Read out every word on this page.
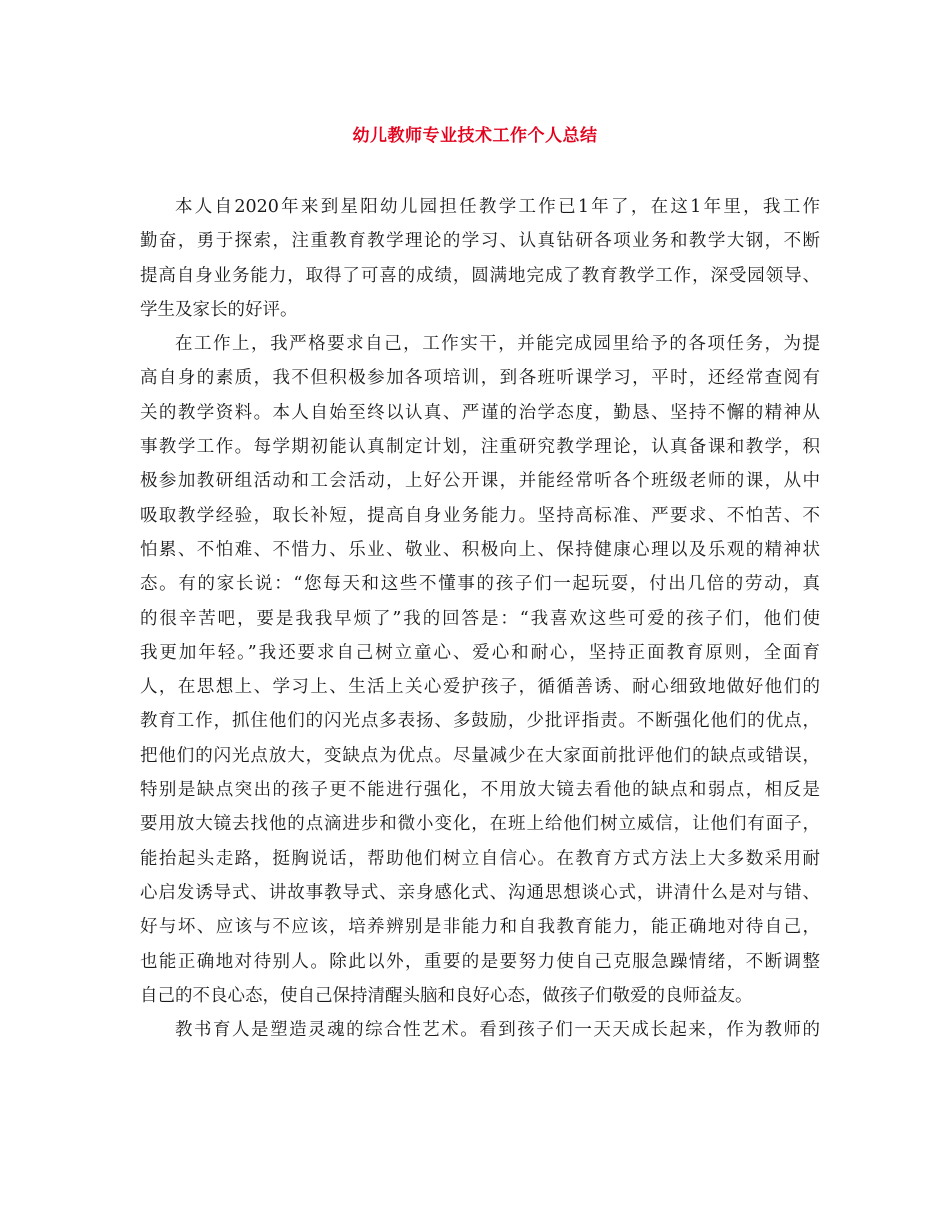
幼儿教师专业技术工作个人总结
本人自2020年来到星阳幼儿园担任教学工作已1年了，在这1年里，我工作
勤奋，勇于探索，注重教育教学理论的学习、认真钻研各项业务和教学大钢，不断
提高自身业务能力，取得了可喜的成绩，圆满地完成了教育教学工作，深受园领导、
学生及家长的好评。
在工作上，我严格要求自己，工作实干，并能完成园里给予的各项任务，为提
高自身的素质，我不但积极参加各项培训，到各班听课学习，平时，还经常查阅有
关的教学资料。本人自始至终以认真、严谨的治学态度，勤恳、坚持不懈的精神从
事教学工作。每学期初能认真制定计划，注重研究教学理论，认真备课和教学，积
极参加教研组活动和工会活动，上好公开课，并能经常听各个班级老师的课，从中
吸取教学经验，取长补短，提高自身业务能力。坚持高标准、严要求、不怕苦、不
怕累、不怕难、不惜力、乐业、敬业、积极向上、保持健康心理以及乐观的精神状
态。有的家长说：“您每天和这些不懂事的孩子们一起玩耍，付出几倍的劳动，真
的很辛苦吧，要是我我早烦了”我的回答是：“我喜欢这些可爱的孩子们，他们使
我更加年轻。”我还要求自己树立童心、爱心和耐心，坚持正面教育原则，全面育
人，在思想上、学习上、生活上关心爱护孩子，循循善诱、耐心细致地做好他们的
教育工作，抓住他们的闪光点多表扬、多鼓励，少批评指责。不断强化他们的优点，
把他们的闪光点放大，变缺点为优点。尽量减少在大家面前批评他们的缺点或错误，
特别是缺点突出的孩子更不能进行强化，不用放大镜去看他的缺点和弱点，相反是
要用放大镜去找他的点滴进步和微小变化，在班上给他们树立威信，让他们有面子，
能抬起头走路，挺胸说话，帮助他们树立自信心。在教育方式方法上大多数采用耐
心启发诱导式、讲故事教导式、亲身感化式、沟通思想谈心式，讲清什么是对与错、
好与坏、应该与不应该，培养辨别是非能力和自我教育能力，能正确地对待自己，
也能正确地对待别人。除此以外，重要的是要努力使自己克服急躁情绪，不断调整
自己的不良心态，使自己保持清醒头脑和良好心态，做孩子们敬爱的良师益友。
教书育人是塑造灵魂的综合性艺术。看到孩子们一天天成长起来，作为教师的
